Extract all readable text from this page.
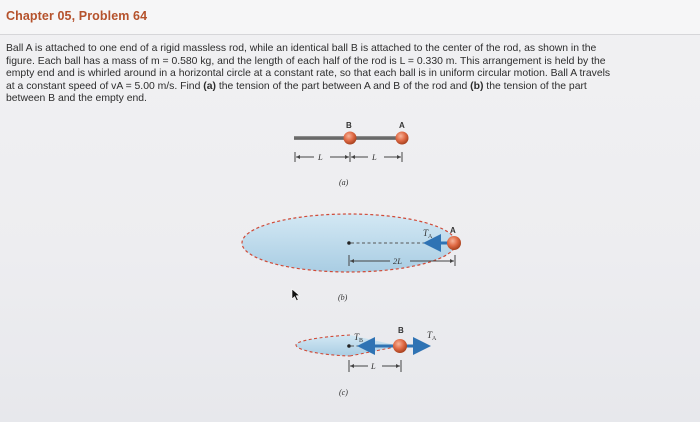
Chapter 05, Problem 64
Ball A is attached to one end of a rigid massless rod, while an identical ball B is attached to the center of the rod, as shown in the
figure. Each ball has a mass of m = 0.580 kg, and the length of each half of the rod is L = 0.330 m. This arrangement is held by the
empty end and is whirled around in a horizontal circle at a constant rate, so that each ball is in uniform circular motion. Ball A travels
at a constant speed of vA = 5.00 m/s. Find (a) the tension of the part between A and B of the rod and (b) the tension of the part
between B and the empty end.
B	A
L	L
(a)
$T_A$
A
2L
(b)
$T_B$
B	$T_A$
L
(c)
